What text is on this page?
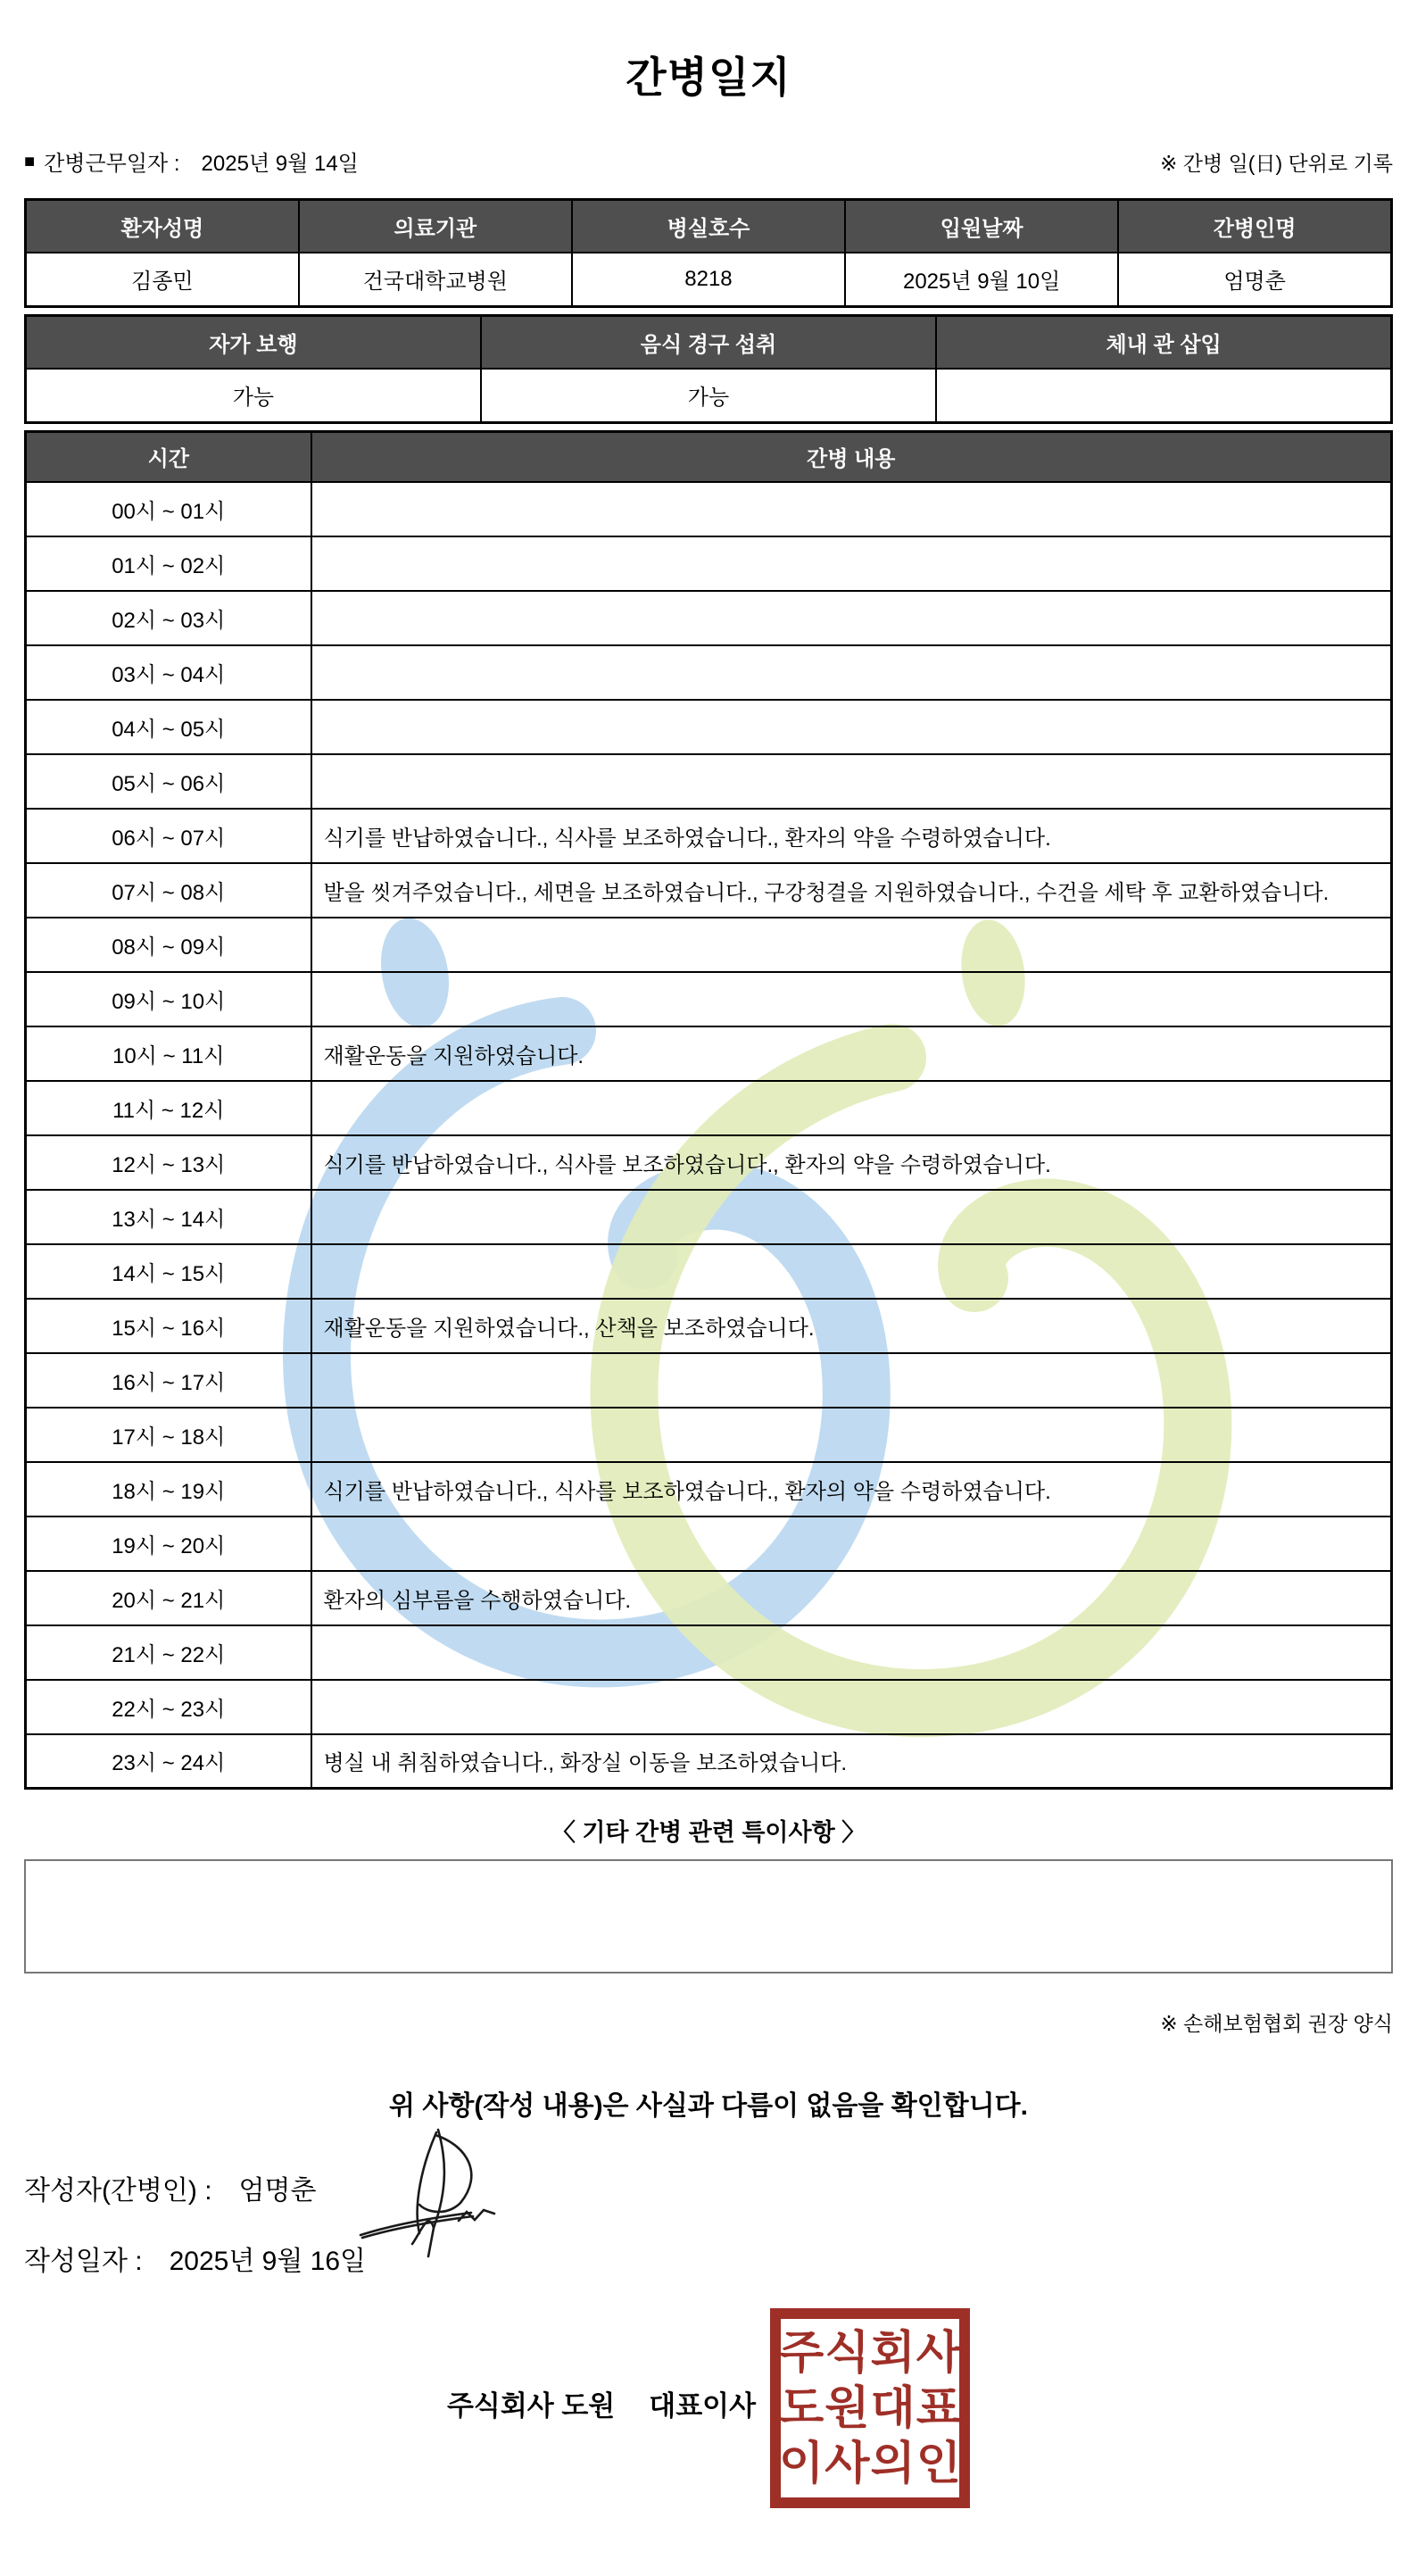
간병일지
■ 간병근무일자 : 2025년 9월 14일	※ 간병 일(日) 단위로 기록
환자성명	의료기관	병실호수	입원날짜	간병인명
김종민	건국대학교병원	8218	2025년 9월 10일	엄명춘
자가 보행	음식 경구 섭취	체내 관 삽입
가능	가능	
시간	간병 내용
00시 ~ 01시	
01시 ~ 02시	
02시 ~ 03시	
03시 ~ 04시	
04시 ~ 05시	
05시 ~ 06시	
06시 ~ 07시	식기를 반납하였습니다., 식사를 보조하였습니다., 환자의 약을 수령하였습니다.
07시 ~ 08시	발을 씻겨주었습니다., 세면을 보조하였습니다., 구강청결을 지원하였습니다., 수건을 세탁 후 교환하였습니다.
08시 ~ 09시	
09시 ~ 10시	
10시 ~ 11시	재활운동을 지원하였습니다.
11시 ~ 12시	
12시 ~ 13시	식기를 반납하였습니다., 식사를 보조하였습니다., 환자의 약을 수령하였습니다.
13시 ~ 14시	
14시 ~ 15시	
15시 ~ 16시	재활운동을 지원하였습니다., 산책을 보조하였습니다.
16시 ~ 17시	
17시 ~ 18시	
18시 ~ 19시	식기를 반납하였습니다., 식사를 보조하였습니다., 환자의 약을 수령하였습니다.
19시 ~ 20시	
20시 ~ 21시	환자의 심부름을 수행하였습니다.
21시 ~ 22시	
22시 ~ 23시	
23시 ~ 24시	병실 내 취침하였습니다., 화장실 이동을 보조하였습니다.
〈 기타 간병 관련 특이사항 〉
※ 손해보험협회 권장 양식
위 사항(작성 내용)은 사실과 다름이 없음을 확인합니다.
작성자(간병인) : 엄명춘
작성일자 : 2025년 9월 16일
주식회사 도원 대표이사
주식회사
도원대표
이사의인
